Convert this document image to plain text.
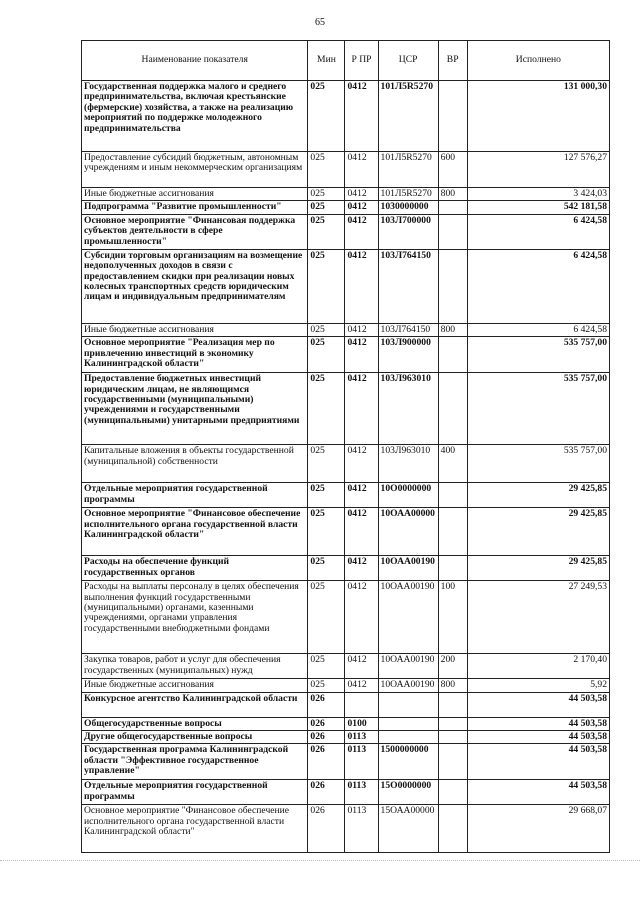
65
Наименование показателя	Мин	Р ПР	ЦСР	ВР	Исполнено
Государственная поддержка малого и среднего предпринимательства, включая крестьянские (фермерские) хозяйства, а также на реализацию мероприятий по поддержке молодежного предпринимательства	025	0412	101Л5R5270		131 000,30
Предоставление субсидий бюджетным, автономным учреждениям и иным некоммерческим организациям	025	0412	101Л5R5270	600	127 576,27
Иные бюджетные ассигнования	025	0412	101Л5R5270	800	3 424,03
Подпрограмма "Развитие промышленности"	025	0412	1030000000		542 181,58
Основное мероприятие "Финансовая поддержка субъектов деятельности в сфере промышленности"	025	0412	103Л700000		6 424,58
Субсидии торговым организациям на возмещение недополученных доходов в связи с предоставлением скидки при реализации новых колесных транспортных средств юридическим лицам и индивидуальным предпринимателям	025	0412	103Л764150		6 424,58
Иные бюджетные ассигнования	025	0412	103Л764150	800	6 424,58
Основное мероприятие "Реализация мер по привлечению инвестиций в экономику Калининградской области"	025	0412	103Л900000		535 757,00
Предоставление бюджетных инвестиций юридическим лицам, не являющимся государственными (муниципальными) учреждениями и государственными (муниципальными) унитарными предприятиями	025	0412	103Л963010		535 757,00
Капитальные вложения в объекты государственной (муниципальной) собственности	025	0412	103Л963010	400	535 757,00
Отдельные мероприятия государственной программы	025	0412	10О0000000		29 425,85
Основное мероприятие "Финансовое обеспечение исполнительного органа государственной власти Калининградской области"	025	0412	10ОАА00000		29 425,85
Расходы на обеспечение функций государственных органов	025	0412	10ОАА00190		29 425,85
Расходы на выплаты персоналу в целях обеспечения выполнения функций государственными (муниципальными) органами, казенными учреждениями, органами управления государственными внебюджетными фондами	025	0412	10ОАА00190	100	27 249,53
Закупка товаров, работ и услуг для обеспечения государственных (муниципальных) нужд	025	0412	10ОАА00190	200	2 170,40
Иные бюджетные ассигнования	025	0412	10ОАА00190	800	5,92
Конкурсное агентство Калининградской области	026				44 503,58
Общегосударственные вопросы	026	0100			44 503,58
Другие общегосударственные вопросы	026	0113			44 503,58
Государственная программа Калининградской области "Эффективное государственное управление"	026	0113	1500000000		44 503,58
Отдельные мероприятия государственной программы	026	0113	15О0000000		44 503,58
Основное мероприятие "Финансовое обеспечение исполнительного органа государственной власти Калининградской области"	026	0113	15ОАА00000		29 668,07
